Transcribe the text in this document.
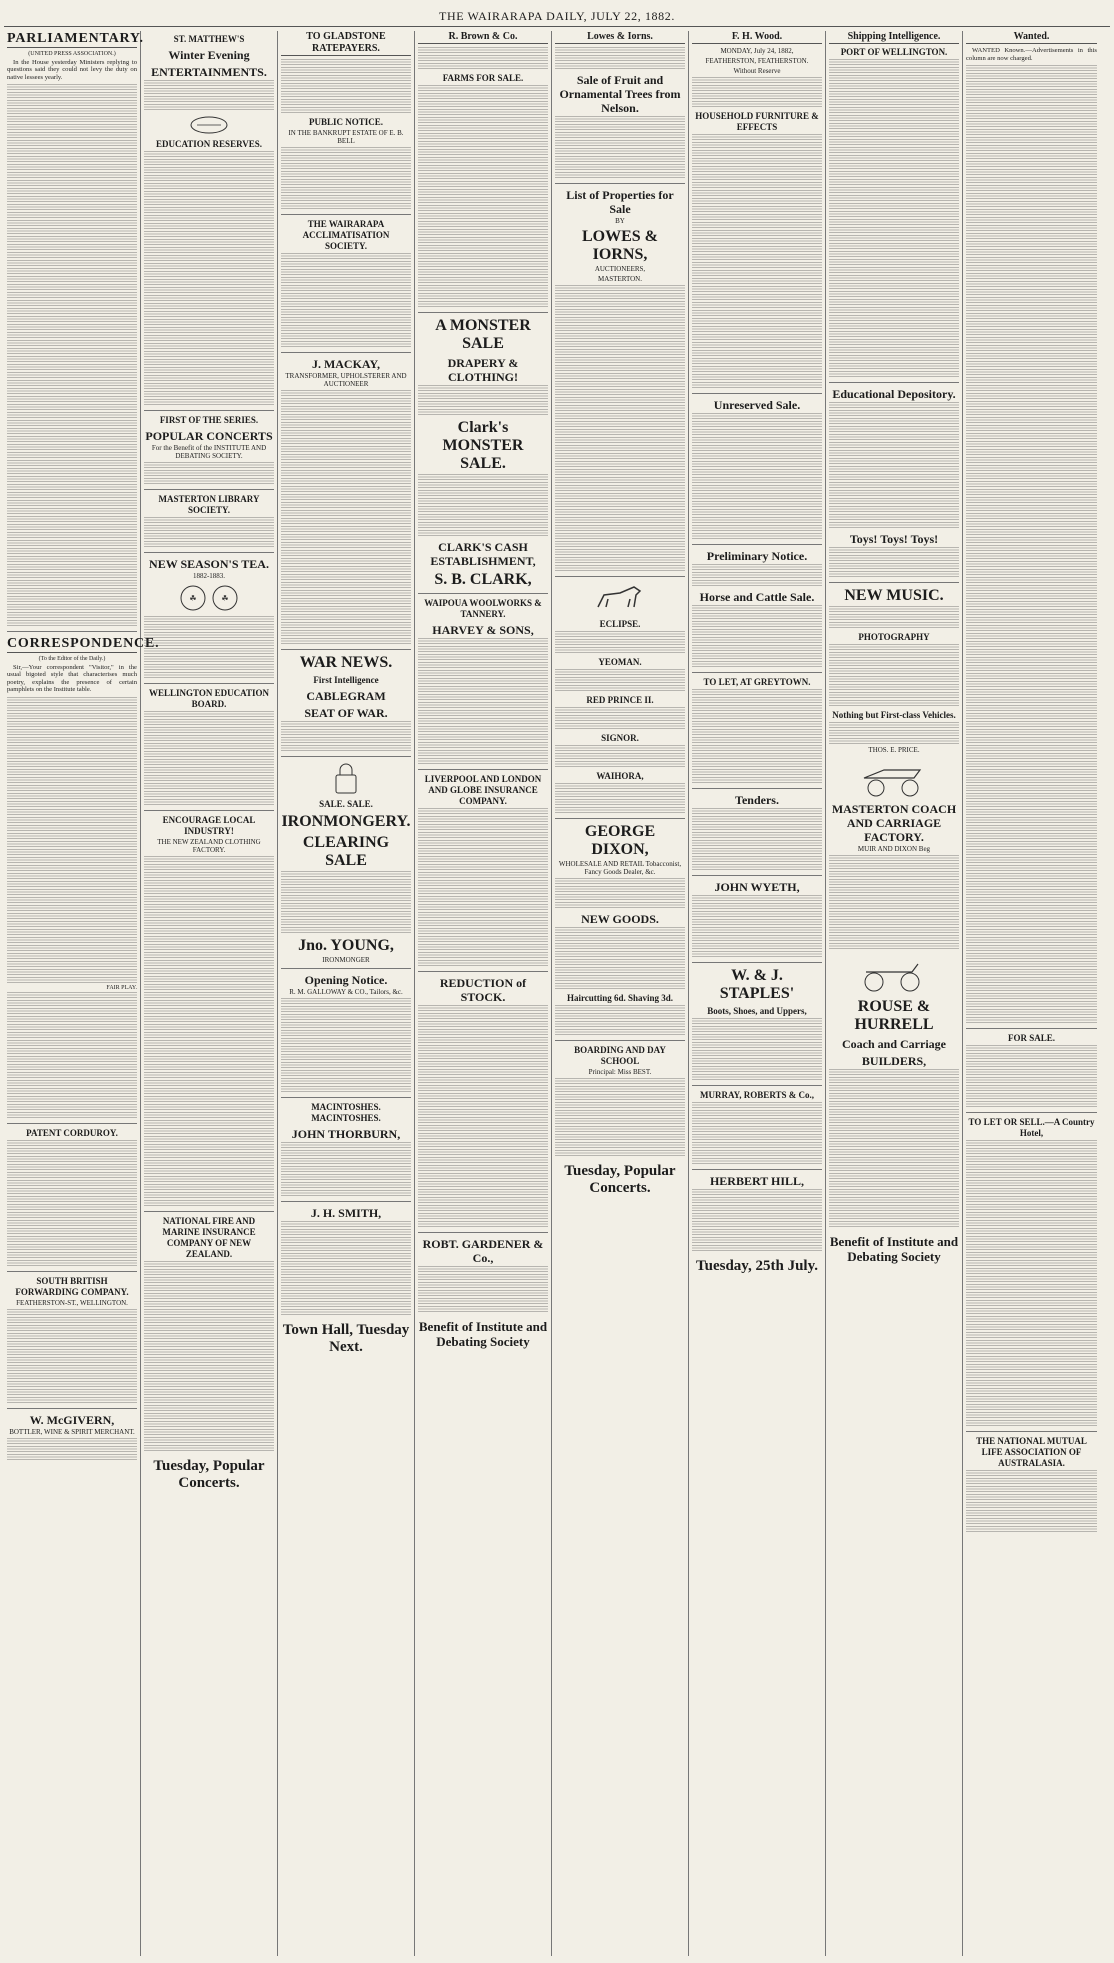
THE WAIRARAPA DAILY, JULY 22, 1882.
PARLIAMENTARY.
(UNITED PRESS ASSOCIATION.)

In the House yesterday Ministers replying to questions said they could not levy the duty on native lessees yearly.

CORRESPONDENCE.
(To the Editor of the Daily.)

Sir,—Your correspondent "Visitor," in the usual bigoted style that characterises much poetry, explains the presence of certain pamphlets on the Institute table.

FAIR PLAY.
PATENT CORDUROY.
SOUTH BRITISH FORWARDING COMPANY.
FEATHERSTON-ST., WELLINGTON.
W. McGIVERN,
BOTTLER, WINE & SPIRIT MERCHANT.
ST. MATTHEW'S
Winter Evening
ENTERTAINMENTS.
EDUCATION RESERVES.
FIRST OF THE SERIES.
POPULAR CONCERTS
For the Benefit of the INSTITUTE AND DEBATING SOCIETY.
MASTERTON LIBRARY SOCIETY.
NEW SEASON'S TEA.
1882-1883.
☘	☘
WELLINGTON EDUCATION BOARD.
ENCOURAGE LOCAL INDUSTRY!
THE NEW ZEALAND CLOTHING FACTORY.
NATIONAL FIRE AND MARINE INSURANCE COMPANY OF NEW ZEALAND.
Tuesday, Popular Concerts.
TO GLADSTONE RATEPAYERS.
PUBLIC NOTICE.
IN THE BANKRUPT ESTATE OF E. B. BELL
THE WAIRARAPA ACCLIMATISATION SOCIETY.
J. MACKAY,
TRANSFORMER, UPHOLSTERER AND AUCTIONEER
WAR NEWS.
First Intelligence
CABLEGRAM
SEAT OF WAR.
SALE. SALE.
IRONMONGERY.
CLEARING SALE
Jno. YOUNG,
IRONMONGER
Opening Notice.
R. M. GALLOWAY & CO., Tailors, &c.
MACINTOSHES. MACINTOSHES.
JOHN THORBURN,
J. H. SMITH,
Town Hall, Tuesday Next.
R. Brown & Co.
FARMS FOR SALE.
A MONSTER SALE
DRAPERY & CLOTHING!
Clark's MONSTER SALE.
CLARK'S CASH ESTABLISHMENT,
S. B. CLARK,
WAIPOUA WOOLWORKS & TANNERY.
HARVEY & SONS,
LIVERPOOL AND LONDON AND GLOBE INSURANCE COMPANY.
REDUCTION of STOCK.
ROBT. GARDENER & Co.,
Benefit of Institute and Debating Society
Lowes & Iorns.
Sale of Fruit and Ornamental Trees from Nelson.
List of Properties for Sale
BY
LOWES & IORNS,
AUCTIONEERS,
MASTERTON.
ECLIPSE.
YEOMAN.
RED PRINCE II.
SIGNOR.
WAIHORA,
GEORGE DIXON,
WHOLESALE AND RETAIL Tobacconist, Fancy Goods Dealer, &c.
NEW GOODS.
Haircutting 6d. Shaving 3d.
BOARDING AND DAY SCHOOL
Principal: Miss BEST.
Tuesday, Popular Concerts.
F. H. Wood.
MONDAY, July 24, 1882,
FEATHERSTON, FEATHERSTON.
Without Reserve
HOUSEHOLD FURNITURE & EFFECTS
Unreserved Sale.
Preliminary Notice.
Horse and Cattle Sale.
TO LET, AT GREYTOWN.
Tenders.
JOHN WYETH,
W. & J. STAPLES'
Boots, Shoes, and Uppers,
MURRAY, ROBERTS & Co.,
HERBERT HILL,
Tuesday, 25th July.
Shipping Intelligence.
PORT OF WELLINGTON.
Educational Depository.
Toys! Toys! Toys!
NEW MUSIC.
PHOTOGRAPHY
Nothing but First-class Vehicles.
THOS. E. PRICE.
MASTERTON COACH AND CARRIAGE FACTORY.
MUIR AND DIXON Beg
ROUSE & HURRELL
Coach and Carriage
BUILDERS,
Benefit of Institute and Debating Society
Wanted.

WANTED Known.—Advertisements in this column are now charged.

FOR SALE.
TO LET OR SELL.—A Country Hotel,
THE NATIONAL MUTUAL LIFE ASSOCIATION OF AUSTRALASIA.
